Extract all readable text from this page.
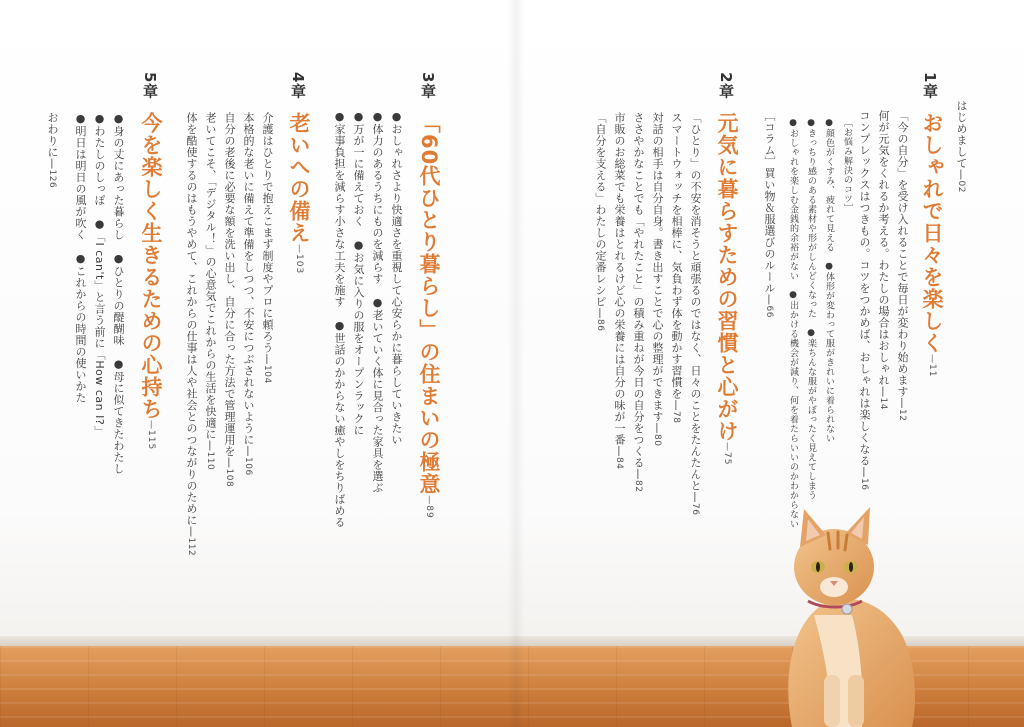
はじめまして—02
1章
おしゃれで日々を楽しく—11
「今の自分」を受け入れることで毎日が変わり始めます—12
何が元気をくれるか考える。わたしの場合はおしゃれ—14
コンプレックスはつきもの。コツをつかめば、おしゃれは楽しくなる—16
［お悩み解決のコツ］
●顔色がくすみ、疲れて見える　●体形が変わって服がきれいに着られない
●きっちり感のある素材や形がしんどくなった　●楽ちんな服がやぼったく見えてしまう
●おしゃれを楽しむ金銭的余裕がない　●出かける機会が減り、何を着たらいいのかわからない
［コラム］買い物＆服選びのルール—66
2章
元気に暮らすための習慣と心がけ—75
「ひとり」の不安を消そうと頑張るのではなく、日々のことをたんたんと—76
スマートウォッチを相棒に、気負わず体を動かす習慣を—78
対話の相手は自分自身。書き出すことで心の整理ができます—80
ささやかなことでも「やれたこと」の積み重ねが今日の自分をつくる—82
市販のお総菜でも栄養はとれるけど心の栄養には自分の味が一番—84
「自分を支える」わたしの定番レシピ—86
3章
「60代ひとり暮らし」の住まいの極意—89
●おしゃれさより快適さを重視して心安らかに暮らしていきたい
●体力のあるうちにものを減らす　●老いていく体に見合った家具を選ぶ
●万が一に備えておく　●お気に入りの服をオープンラックに
●家事負担を減らす小さな工夫を施す　●世話のかからない癒やしをちりばめる
4章
老いへの備え—103
介護はひとりで抱えこまず制度やプロに頼ろう—104
本格的な老いに備えて準備をしつつ、不安につぶされないように—106
自分の老後に必要な額を洗い出し、自分に合った方法で管理運用を—108
老いてこそ、「デジタル！」の心意気でこれからの生活を快適に—110
体を酷使するのはもうやめて、これからの仕事は人や社会とのつながりのために—112
5章
今を楽しく生きるための心持ち—115
●身の丈にあった暮らし　●ひとりの醍醐味　●母に似てきたわたし
●わたしのしっぽ　●「I can't」と言う前に「How can I?」
●明日は明日の風が吹く　●これからの時間の使いかた
おわりに—126
